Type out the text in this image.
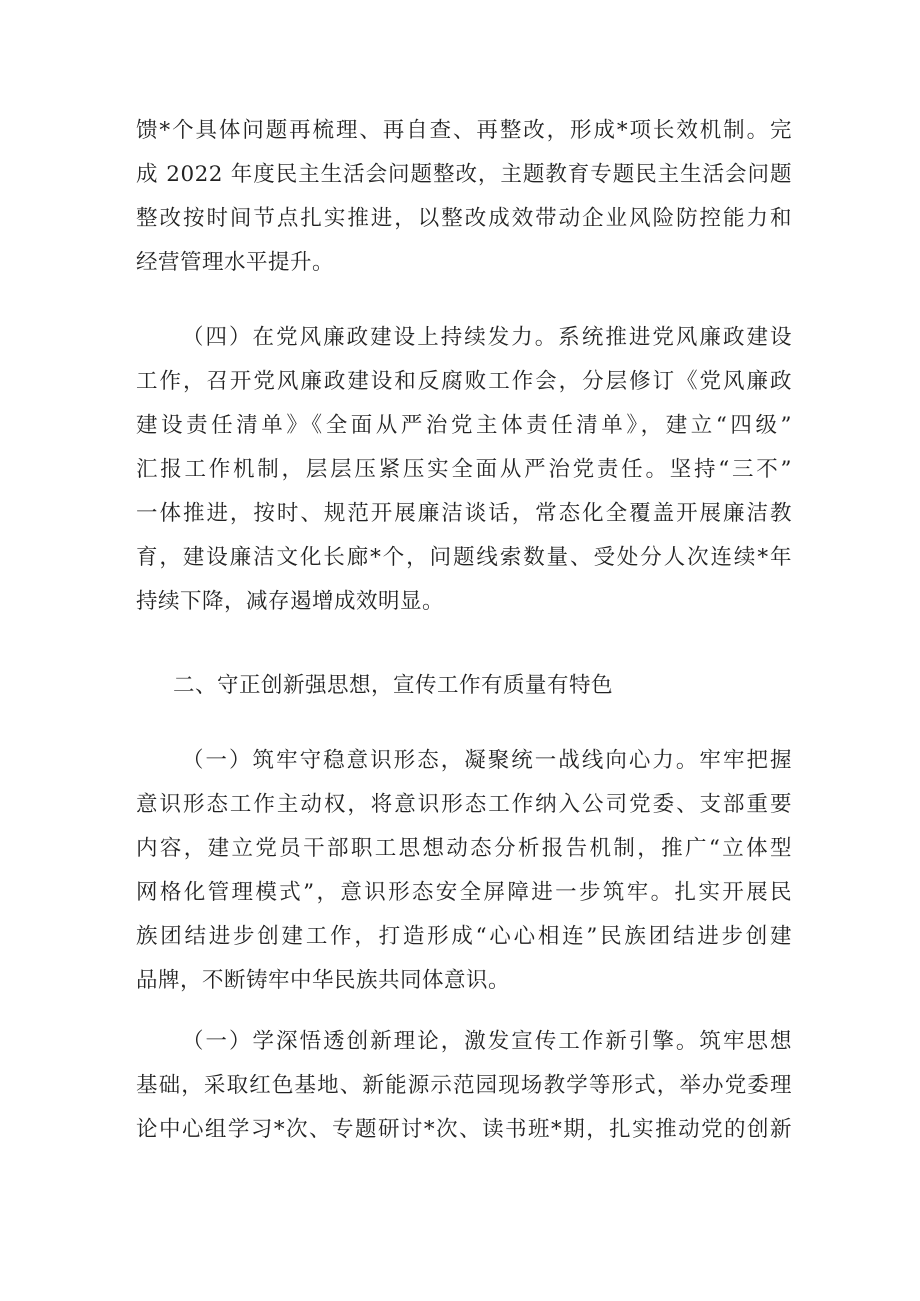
馈*个具体问题再梳理、再自查、再整改，形成*项长效机制。完
成 2022 年度民主生活会问题整改，主题教育专题民主生活会问题
整改按时间节点扎实推进，以整改成效带动企业风险防控能力和
经营管理水平提升。
（四）在党风廉政建设上持续发力。系统推进党风廉政建设
工作，召开党风廉政建设和反腐败工作会，分层修订《党风廉政
建设责任清单》《全面从严治党主体责任清单》，建立“四级”
汇报工作机制，层层压紧压实全面从严治党责任。坚持“三不”
一体推进，按时、规范开展廉洁谈话，常态化全覆盖开展廉洁教
育，建设廉洁文化长廊*个，问题线索数量、受处分人次连续*年
持续下降，减存遏增成效明显。
二、守正创新强思想，宣传工作有质量有特色
（一）筑牢守稳意识形态，凝聚统一战线向心力。牢牢把握
意识形态工作主动权，将意识形态工作纳入公司党委、支部重要
内容，建立党员干部职工思想动态分析报告机制，推广“立体型
网格化管理模式”，意识形态安全屏障进一步筑牢。扎实开展民
族团结进步创建工作，打造形成“心心相连”民族团结进步创建
品牌，不断铸牢中华民族共同体意识。
（一）学深悟透创新理论，激发宣传工作新引擎。筑牢思想
基础，采取红色基地、新能源示范园现场教学等形式，举办党委理
论中心组学习*次、专题研讨*次、读书班*期，扎实推动党的创新
